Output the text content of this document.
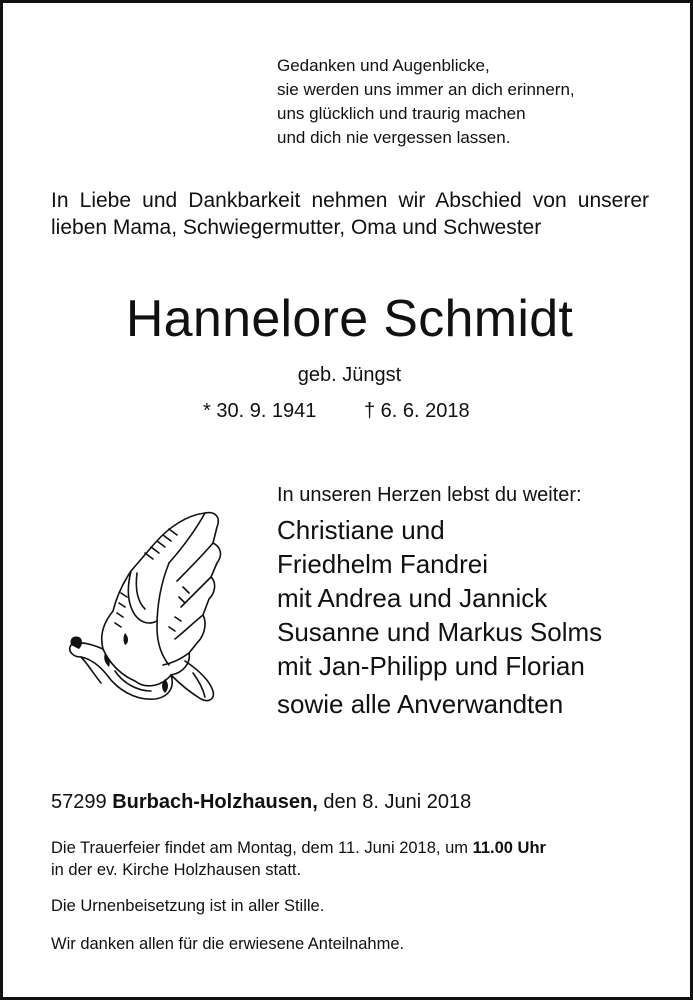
Gedanken und Augenblicke,
sie werden uns immer an dich erinnern,
uns glücklich und traurig machen
und dich nie vergessen lassen.
In Liebe und Dankbarkeit nehmen wir Abschied von unserer lieben Mama, Schwiegermutter, Oma und Schwester
Hannelore Schmidt
geb. Jüngst
* 30. 9. 1941 † 6. 6. 2018
In unseren Herzen lebst du weiter:
Christiane und
Friedhelm Fandrei
mit Andrea und Jannick
Susanne und Markus Solms
mit Jan-Philipp und Florian
sowie alle Anverwandten
57299 Burbach-Holzhausen, den 8. Juni 2018
Die Trauerfeier findet am Montag, dem 11. Juni 2018, um 11.00 Uhr
in der ev. Kirche Holzhausen statt.
Die Urnenbeisetzung ist in aller Stille.
Wir danken allen für die erwiesene Anteilnahme.
